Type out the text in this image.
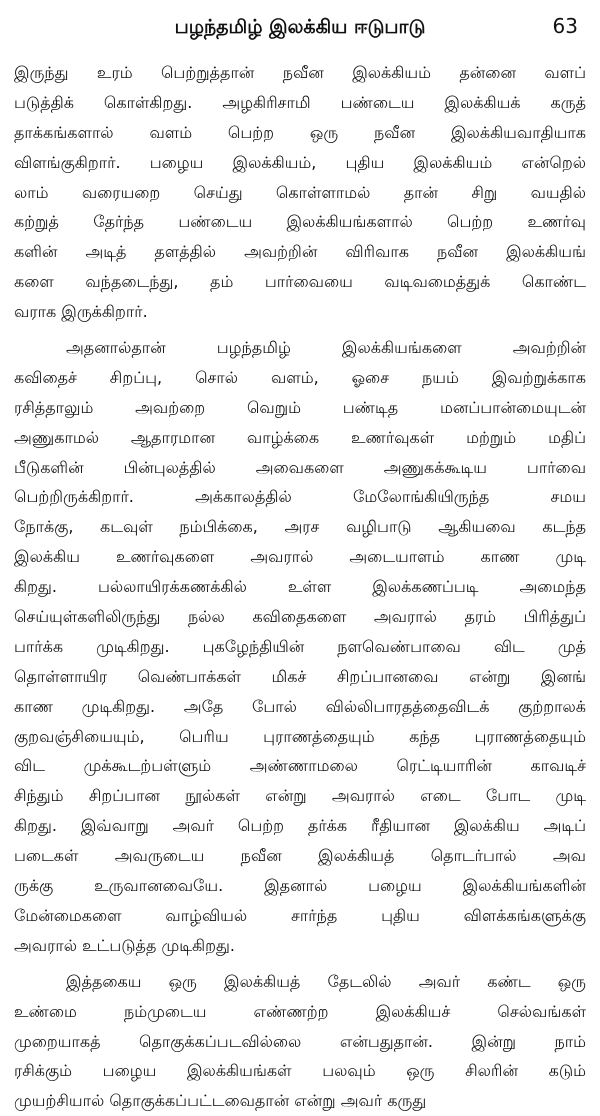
பழந்தமிழ் இலக்கிய ஈடுபாடு	63
இருந்து உரம் பெற்றுத்தான் நவீன இலக்கியம் தன்னை வளப்
படுத்திக் கொள்கிறது. அழகிரிசாமி பண்டைய இலக்கியக் கருத்
தாக்கங்களால் வளம் பெற்ற ஒரு நவீன இலக்கியவாதியாக
விளங்குகிறார். பழைய இலக்கியம், புதிய இலக்கியம் என்றெல்
லாம் வரையறை செய்து கொள்ளாமல் தான் சிறு வயதில்
கற்றுத் தேர்ந்த பண்டைய இலக்கியங்களால் பெற்ற உணர்வு
களின் அடித் தளத்தில் அவற்றின் விரிவாக நவீன இலக்கியங்
களை வந்தடைந்து, தம் பார்வையை வடிவமைத்துக் கொண்ட
வராக இருக்கிறார்.
அதனால்தான் பழந்தமிழ் இலக்கியங்களை அவற்றின்
கவிதைச் சிறப்பு, சொல் வளம், ஓசை நயம் இவற்றுக்காக
ரசித்தாலும் அவற்றை வெறும் பண்டித மனப்பான்மையுடன்
அணுகாமல் ஆதாரமான வாழ்க்கை உணர்வுகள் மற்றும் மதிப்
பீடுகளின் பின்புலத்தில் அவைகளை அணுகக்கூடிய பார்வை
பெற்றிருக்கிறார். அக்காலத்தில் மேலோங்கியிருந்த சமய
நோக்கு, கடவுள் நம்பிக்கை, அரச வழிபாடு ஆகியவை கடந்த
இலக்கிய உணர்வுகளை அவரால் அடையாளம் காண முடி
கிறது. பல்லாயிரக்கணக்கில் உள்ள இலக்கணப்படி அமைந்த
செய்யுள்களிலிருந்து நல்ல கவிதைகளை அவரால் தரம் பிரித்துப்
பார்க்க முடிகிறது. புகழேந்தியின் நளவெண்பாவை விட முத்
தொள்ளாயிர வெண்பாக்கள் மிகச் சிறப்பானவை என்று இனங்
காண முடிகிறது. அதே போல் வில்லிபாரதத்தைவிடக் குற்றாலக்
குறவஞ்சியையும், பெரிய புராணத்தையும் கந்த புராணத்தையும்
விட முக்கூடற்பள்ளும் அண்ணாமலை ரெட்டியாரின் காவடிச்
சிந்தும் சிறப்பான நூல்கள் என்று அவரால் எடை போட முடி
கிறது. இவ்வாறு அவர் பெற்ற தர்க்க ரீதியான இலக்கிய அடிப்
படைகள் அவருடைய நவீன இலக்கியத் தொடர்பால் அவ
ருக்கு உருவானவையே. இதனால் பழைய இலக்கியங்களின்
மேன்மைகளை வாழ்வியல் சார்ந்த புதிய விளக்கங்களுக்கு
அவரால் உட்படுத்த முடிகிறது.
இத்தகைய ஒரு இலக்கியத் தேடலில் அவர் கண்ட ஒரு
உண்மை நம்முடைய எண்ணற்ற இலக்கியச் செல்வங்கள்
முறையாகத் தொகுக்கப்படவில்லை என்பதுதான். இன்று நாம்
ரசிக்கும் பழைய இலக்கியங்கள் பலவும் ஒரு சிலரின் கடும்
முயற்சியால் தொகுக்கப்பட்டவைதான் என்று அவர் கருது
